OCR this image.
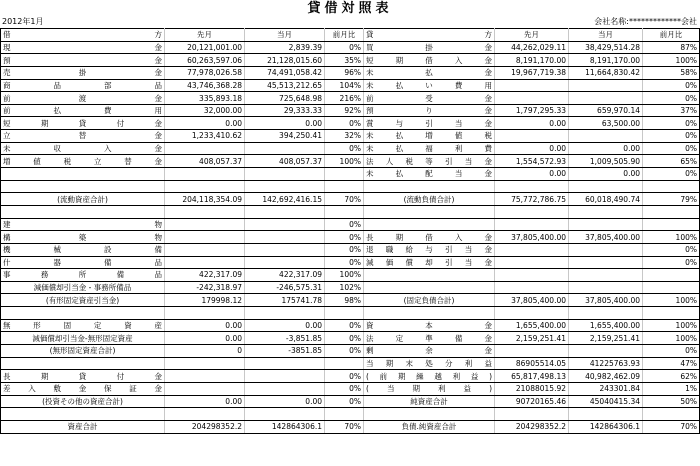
貸借対照表
2012年1月	会社名称:*************会社
借方	先月	当月	前月比	貸方	先月	当月	前月比
現金	20,121,001.00	2,839.39	0%	買掛金	44,262,029.11	38,429,514.28	87%
預金	60,263,597.06	21,128,015.60	35%	短期借入金	8,191,170.00	8,191,170.00	100%
売掛金	77,978,026.58	74,491,058.42	96%	未払金	19,967,719.38	11,664,830.42	58%
商品部品	43,746,368.28	45,513,212.65	104%	未払い費用			0%
前渡金	335,893.18	725,648.98	216%	前受金			0%
前払費用	32,000.00	29,333.33	92%	預り金	1,797,295.33	659,970.14	37%
短期貸付金	0.00	0.00	0%	賞与引当金	0.00	63,500.00	0%
立替金	1,233,410.62	394,250.41	32%	未払増値税			0%
未収入金			0%	未払福利費	0.00	0.00	0%
増値税立替金	408,057.37	408,057.37	100%	法人税等引当金	1,554,572.93	1,009,505.90	65%
				未払配当金	0.00	0.00	0%

(流動資産合計)	204,118,354.09	142,692,416.15	70%	(流動負債合計)	75,772,786.75	60,018,490.74	79%

建物			0%				
構築物			0%	長期借入金	37,805,400.00	37,805,400.00	100%
機械設備			0%	退職給与引当金			0%
什器備品			0%	減価償却引当金			0%
事務所備品	422,317.09	422,317.09	100%				
減価償却引当金 - 事務所備品	-242,318.97	-246,575.31	102%				
(有形固定資産引当金)	179998.12	175741.78	98%	(固定負債合計)	37,805,400.00	37,805,400.00	100%

無形固定資産	0.00	0.00	0%	資本金	1,655,400.00	1,655,400.00	100%
減価償却引当金-無形固定資産	0.00	-3,851.85	0%	法定準備金	2,159,251.41	2,159,251.41	100%
(無形固定資産合計)	0	-3851.85	0%	剰余金			0%
				当期末処分利益	86905514.05	41225763.93	47%
長期貸付金			0%	(前期繰越利益)	65,817,498.13	40,982,462.09	62%
差入敷金保証金			0%	(当期利益)	21088015.92	243301.84	1%
(投資その他の資産合計)	0.00	0.00	0%	純資産合計	90720165.46	45040415.34	50%

資産合計	204298352.2	142864306.1	70%	負債.純資産合計	204298352.2	142864306.1	70%
